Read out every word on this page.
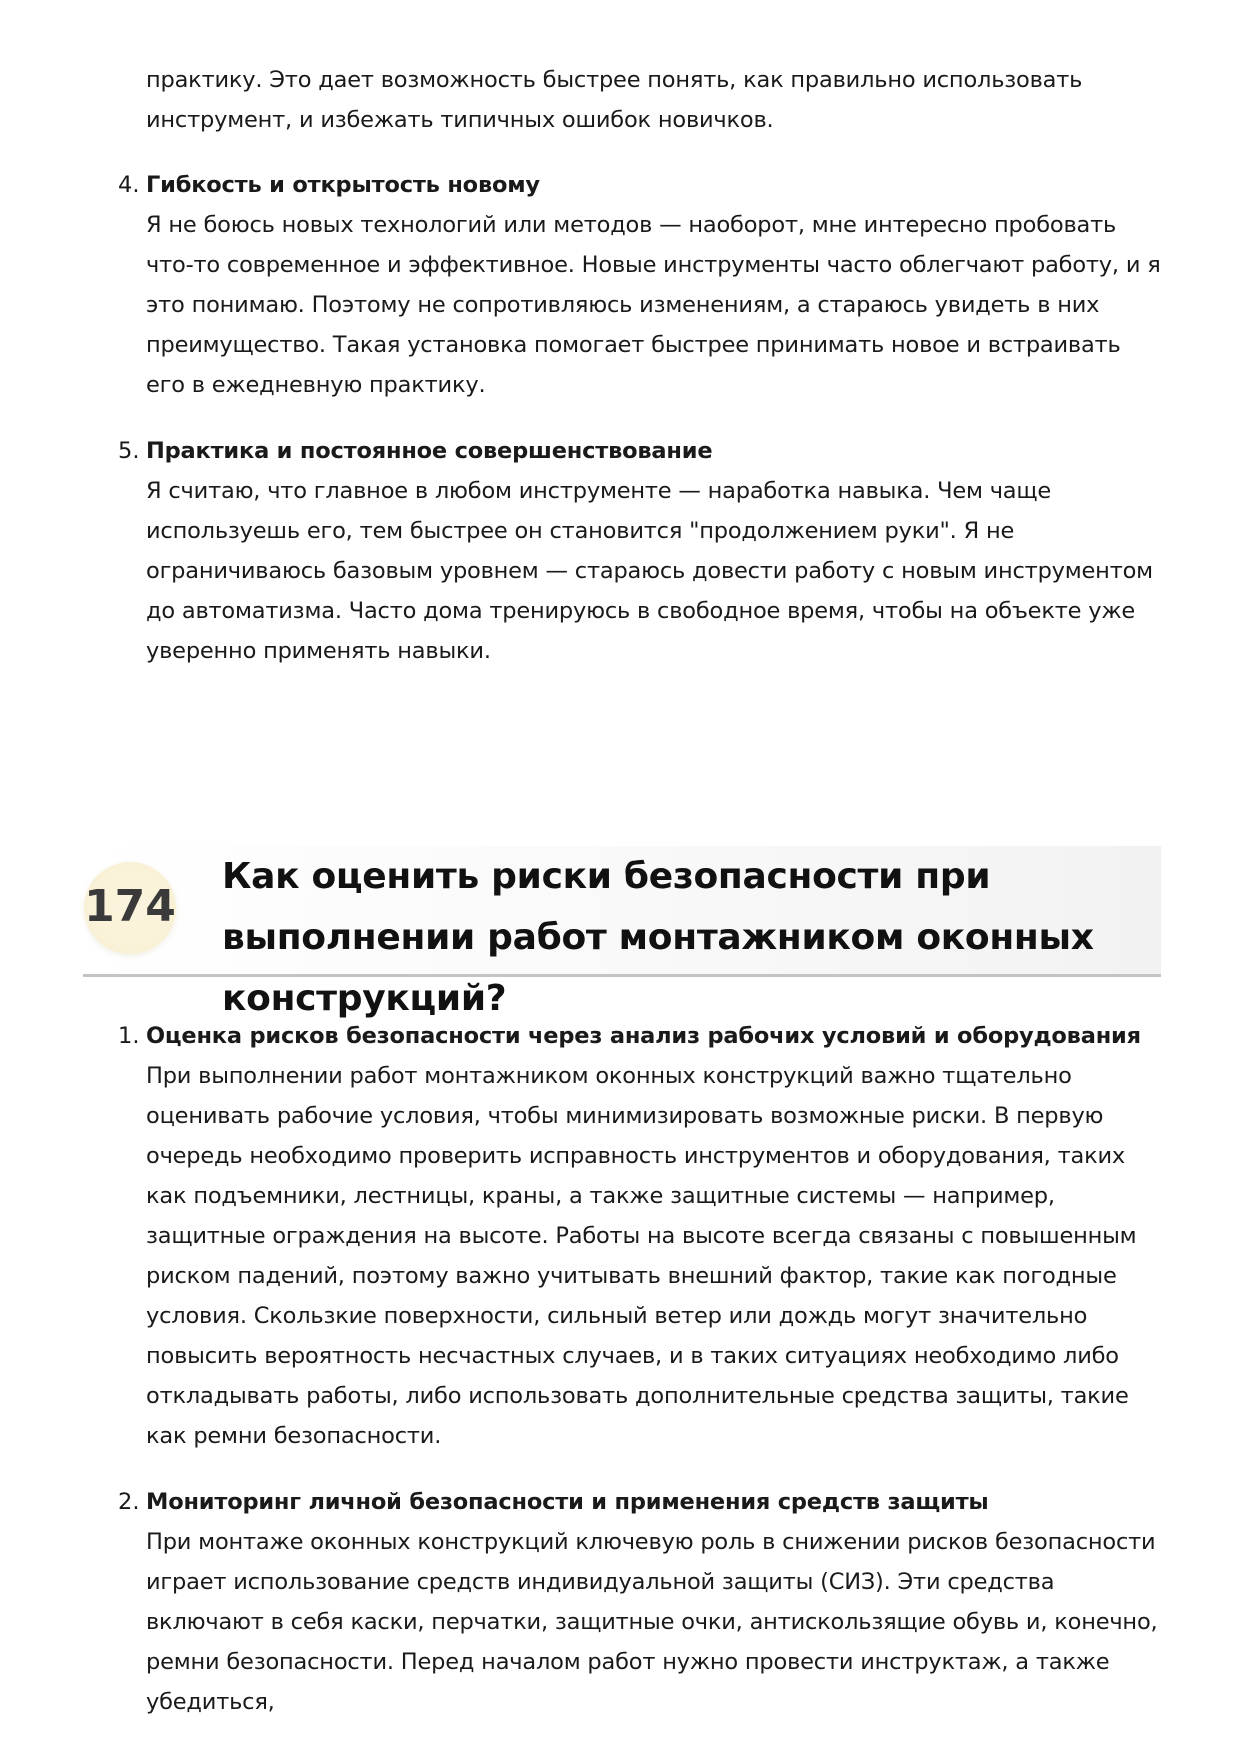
практику. Это дает возможность быстрее понять, как правильно использовать инструмент, и избежать типичных ошибок новичков.
4. Гибкость и открытость новому
Я не боюсь новых технологий или методов — наоборот, мне интересно пробовать что-то современное и эффективное. Новые инструменты часто облегчают работу, и я это понимаю. Поэтому не сопротивляюсь изменениям, а стараюсь увидеть в них преимущество. Такая установка помогает быстрее принимать новое и встраивать его в ежедневную практику.
5. Практика и постоянное совершенствование
Я считаю, что главное в любом инструменте — наработка навыка. Чем чаще используешь его, тем быстрее он становится "продолжением руки". Я не ограничиваюсь базовым уровнем — стараюсь довести работу с новым инструментом до автоматизма. Часто дома тренируюсь в свободное время, чтобы на объекте уже уверенно применять навыки.
174
Как оценить риски безопасности при выполнении работ монтажником оконных конструкций?
1. Оценка рисков безопасности через анализ рабочих условий и оборудования
При выполнении работ монтажником оконных конструкций важно тщательно оценивать рабочие условия, чтобы минимизировать возможные риски. В первую очередь необходимо проверить исправность инструментов и оборудования, таких как подъемники, лестницы, краны, а также защитные системы — например, защитные ограждения на высоте. Работы на высоте всегда связаны с повышенным риском падений, поэтому важно учитывать внешний фактор, такие как погодные условия. Скользкие поверхности, сильный ветер или дождь могут значительно повысить вероятность несчастных случаев, и в таких ситуациях необходимо либо откладывать работы, либо использовать дополнительные средства защиты, такие как ремни безопасности.
2. Мониторинг личной безопасности и применения средств защиты
При монтаже оконных конструкций ключевую роль в снижении рисков безопасности играет использование средств индивидуальной защиты (СИЗ). Эти средства включают в себя каски, перчатки, защитные очки, антискользящие обувь и, конечно, ремни безопасности. Перед началом работ нужно провести инструктаж, а также убедиться,
